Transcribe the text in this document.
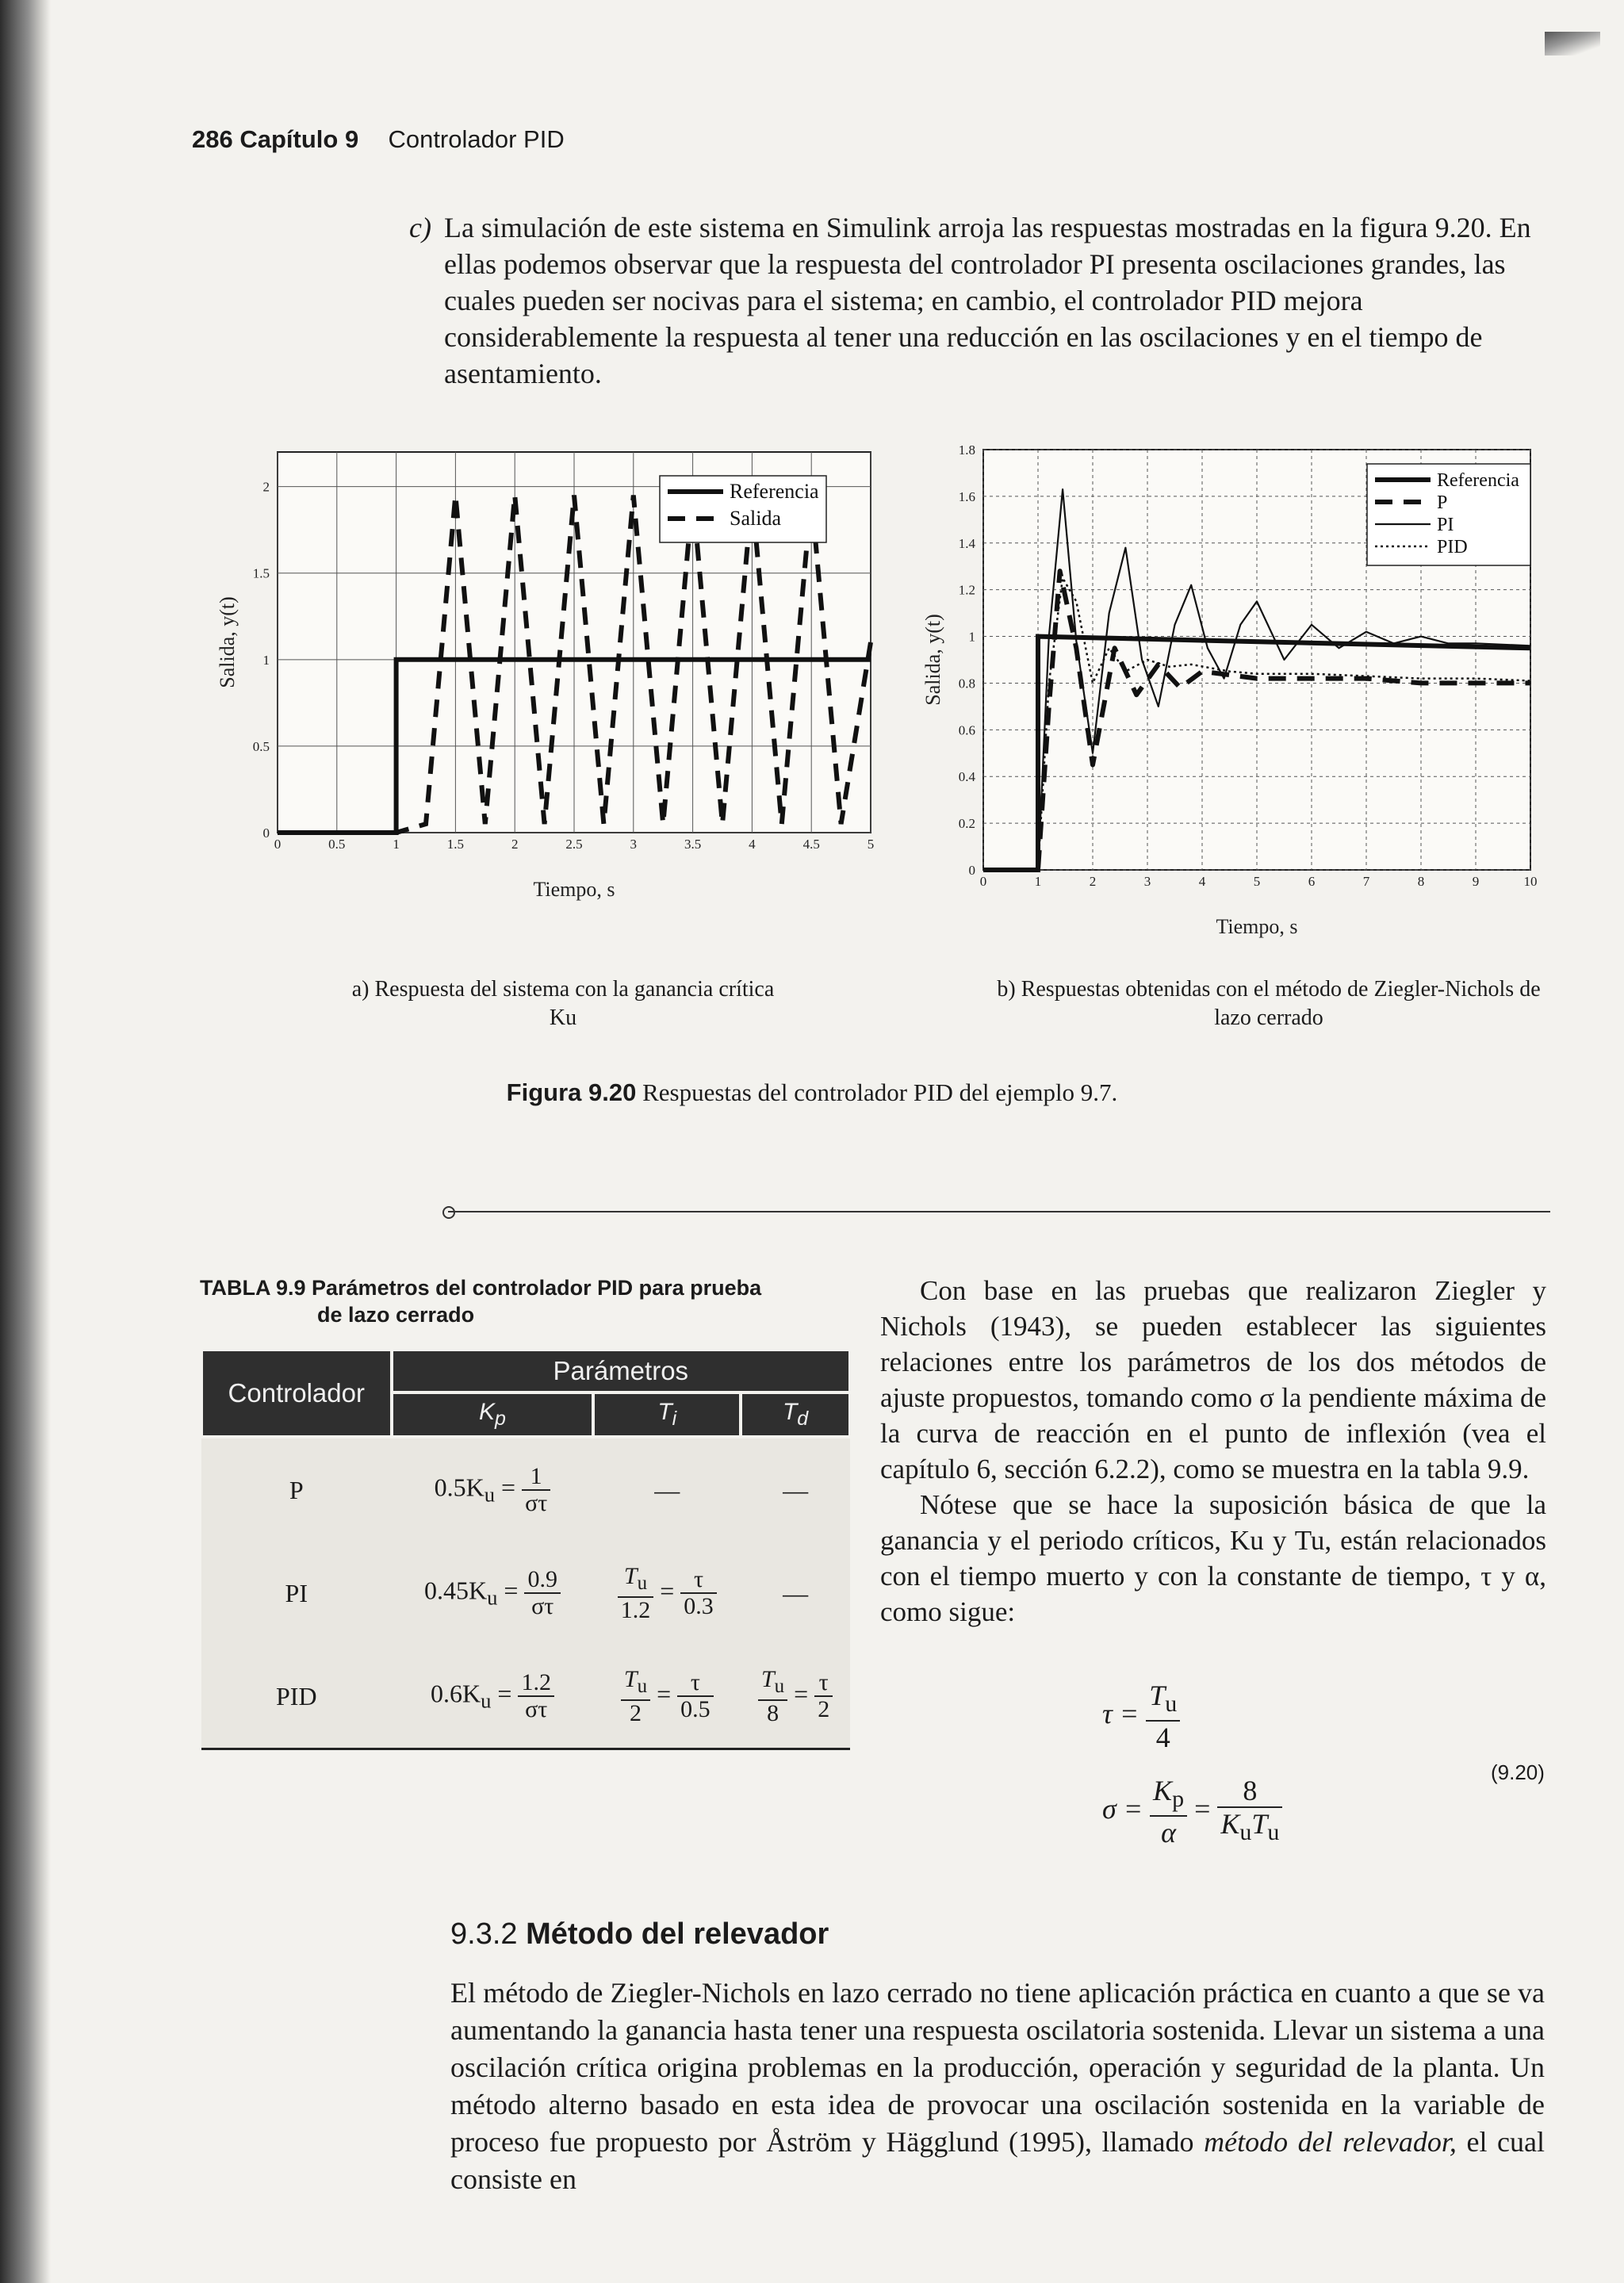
286 Capítulo 9 Controlador PID
c) La simulación de este sistema en Simulink arroja las respuestas mostradas en la figura 9.20. En ellas podemos observar que la respuesta del controlador PI presenta oscilaciones grandes, las cuales pueden ser nocivas para el sistema; en cambio, el controlador PID mejora considerablemente la respuesta al tener una reducción en las oscilaciones y en el tiempo de asentamiento.
0	0.5	1	1.5	2	2.5	3	3.5	4	4.5	5
0
0.5
1
1.5
2
Tiempo, s
Salida, y(t)
Referencia
Salida
0	1	2	3	4	5	6	7	8	9	10
0
0.2
0.4
0.6
0.8
1
1.2
1.4
1.6
1.8
Tiempo, s
Salida, y(t)
Referencia
P
PI
PID
a) Respuesta del sistema con la ganancia crítica Ku
b) Respuestas obtenidas con el método de Ziegler-Nichols de lazo cerrado
Figura 9.20 Respuestas del controlador PID del ejemplo 9.7.
TABLA 9.9 Parámetros del controlador PID para prueba
de lazo cerrado
Controlador	Parámetros		
	$K_p$	$T_i$	$T_d$
P	$0.5K_u = \frac{1}{\sigma\tau}$	—	—
PI	$0.45K_u = \frac{0.9}{\sigma\tau}$	$\frac{T_u}{1.2} = \frac{\tau}{0.3}$	—
PID	$0.6K_u = \frac{1.2}{\sigma\tau}$	$\frac{T_u}{2} = \frac{\tau}{0.5}$	$\frac{T_u}{8} = \frac{\tau}{2}$

Con base en las pruebas que realizaron Ziegler y Nichols (1943), se pueden establecer las siguientes relaciones entre los parámetros de los dos métodos de ajuste propuestos, tomando como σ la pendiente máxima de la curva de reacción en el punto de inflexión (vea el capítulo 6, sección 6.2.2), como se muestra en la tabla 9.9.

Nótese que se hace la suposición básica de que la ganancia y el periodo críticos, Ku y Tu, están relacionados con el tiempo muerto y con la constante de tiempo, τ y α, como sigue:

$\tau = \frac{T_u}{4}$
$\sigma = \frac{K_p}{\alpha} = \frac{8}{K_uT_u}$
(9.20)
9.3.2 Método del relevador
El método de Ziegler-Nichols en lazo cerrado no tiene aplicación práctica en cuanto a que se va aumentando la ganancia hasta tener una respuesta oscilatoria sostenida. Llevar un sistema a una oscilación crítica origina problemas en la producción, operación y seguridad de la planta. Un método alterno basado en esta idea de provocar una oscilación sostenida en la variable de proceso fue propuesto por Åström y Hägglund (1995), llamado método del relevador, el cual consiste en
